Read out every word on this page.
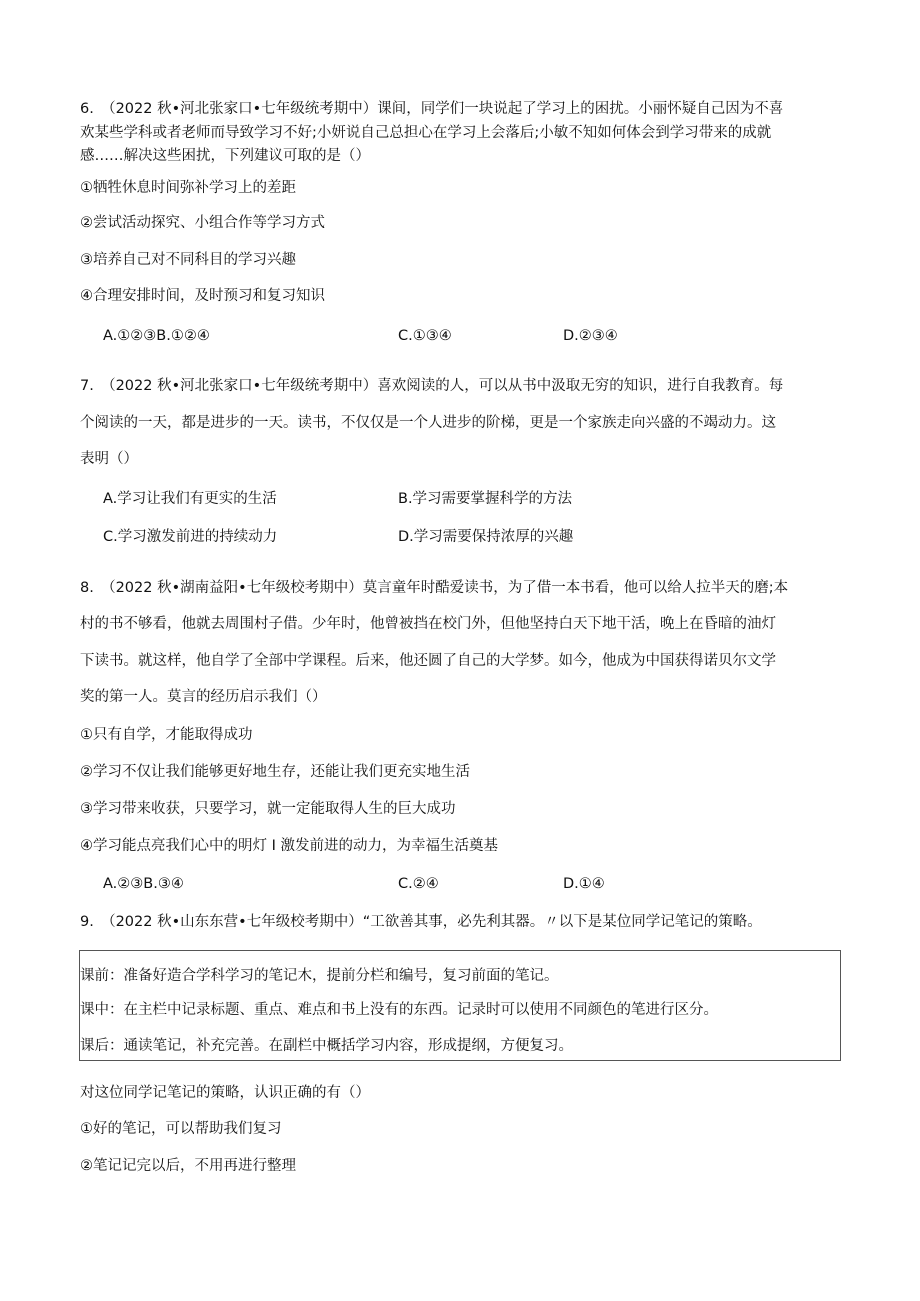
6.　（2022 秋•河北张家口•七年级统考期中）课间，同学们一块说起了学习上的困扰。小丽怀疑自己因为不喜
欢某些学科或者老师而导致学习不好;小妍说自己总担心在学习上会落后;小敏不知如何体会到学习带来的成就
感……解决这些困扰，下列建议可取的是（）
①牺牲休息时间弥补学习上的差距
②尝试活动探究、小组合作等学习方式
③培养自己对不同科目的学习兴趣
④合理安排时间，及时预习和复习知识
A.①②③B.①②④	C.①③④	D.②③④
7.　（2022 秋•河北张家口•七年级统考期中）喜欢阅读的人，可以从书中汲取无穷的知识，进行自我教育。每
个阅读的一天，都是进步的一天。读书，不仅仅是一个人进步的阶梯，更是一个家族走向兴盛的不竭动力。这
表明（）
A.学习让我们有更实的生活	B.学习需要掌握科学的方法
C.学习激发前进的持续动力	D.学习需要保持浓厚的兴趣
8.　（2022 秋•湖南益阳•七年级校考期中）莫言童年时酷爱读书，为了借一本书看，他可以给人拉半天的磨;本
村的书不够看，他就去周围村子借。少年时，他曾被挡在校门外，但他坚持白天下地干活，晚上在昏暗的油灯
下读书。就这样，他自学了全部中学课程。后来，他还圆了自己的大学梦。如今，他成为中国获得诺贝尔文学
奖的第一人。莫言的经历启示我们（）
①只有自学，才能取得成功
②学习不仅让我们能够更好地生存，还能让我们更充实地生活
③学习带来收获，只要学习，就一定能取得人生的巨大成功
④学习能点亮我们心中的明灯 I 激发前进的动力，为幸福生活奠基
A.②③B.③④	C.②④	D.①④
9.　（2022 秋•山东东营•七年级校考期中）“工欲善其事，必先利其器。〃以下是某位同学记笔记的策略。
课前：准备好造合学科学习的笔记木，提前分栏和编号，复习前面的笔记。
课中：在主栏中记录标题、重点、难点和书上没有的东西。记录时可以使用不同颜色的笔进行区分。
课后：通读笔记，补充完善。在副栏中概括学习内容，形成提纲，方便复习。
对这位同学记笔记的策略，认识正确的有（）
①好的笔记，可以帮助我们复习
②笔记记完以后，不用再进行整理
